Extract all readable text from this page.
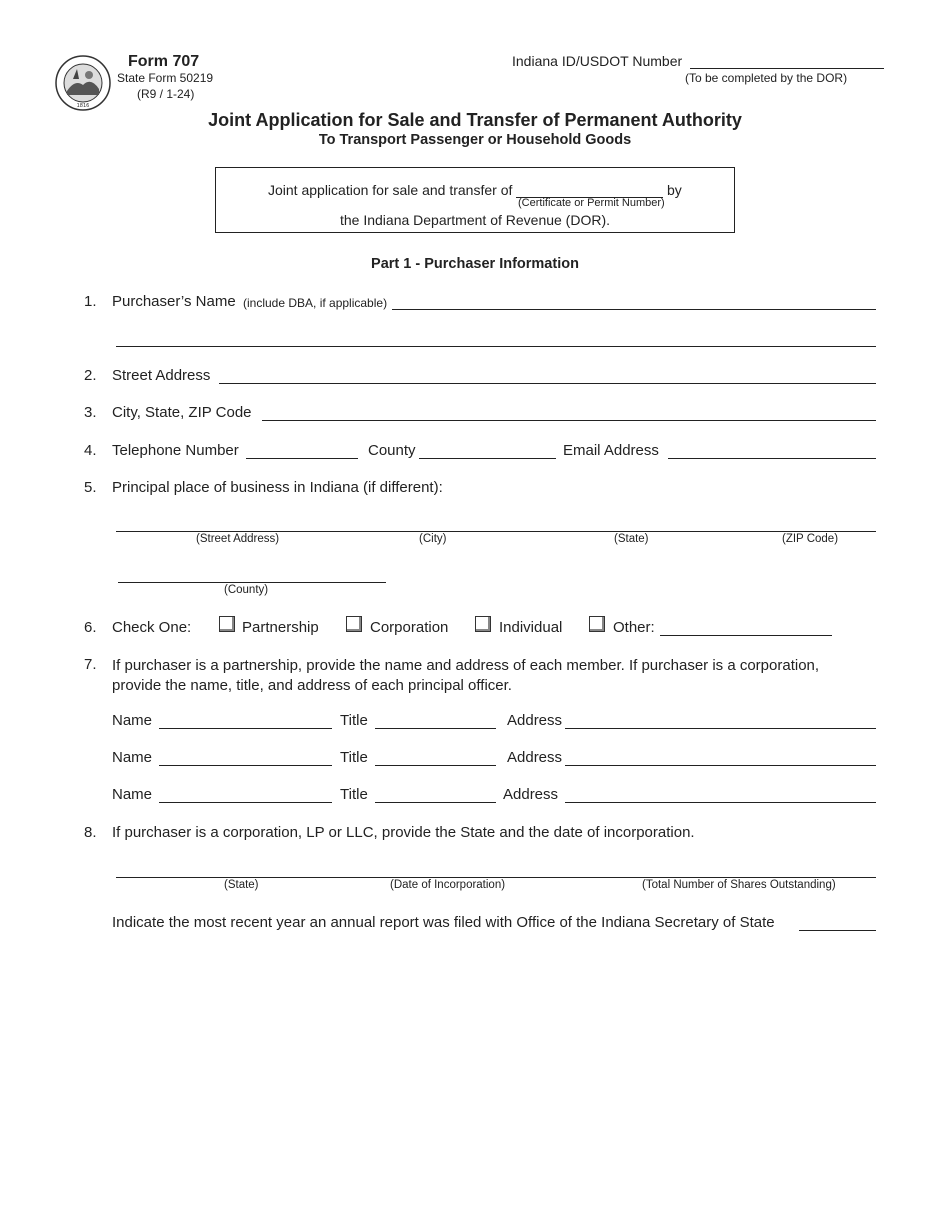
1816
Form 707
State Form 50219
(R9 / 1-24)
Indiana ID/USDOT Number
(To be completed by the DOR)
Joint Application for Sale and Transfer of Permanent Authority
To Transport Passenger or Household Goods
Joint application for sale and transfer of	by
(Certificate or Permit Number)
the Indiana Department of Revenue (DOR).
Part 1 - Purchaser Information
1. Purchaser’s Name (include DBA, if applicable)
2. Street Address
3. City, State, ZIP Code
4. Telephone Number	County	Email Address
5. Principal place of business in Indiana (if different):
(Street Address)	(City)	(State)	(ZIP Code)
(County)
6. Check One:	Partnership	Corporation	Individual	Other:
7. If purchaser is a partnership, provide the name and address of each member. If purchaser is a corporation, provide the name, title, and address of each principal officer.
Name	Title	Address
Name	Title	Address
Name	Title	Address
8. If purchaser is a corporation, LP or LLC, provide the State and the date of incorporation.
(State)	(Date of Incorporation)	(Total Number of Shares Outstanding)
Indicate the most recent year an annual report was filed with Office of the Indiana Secretary of State
